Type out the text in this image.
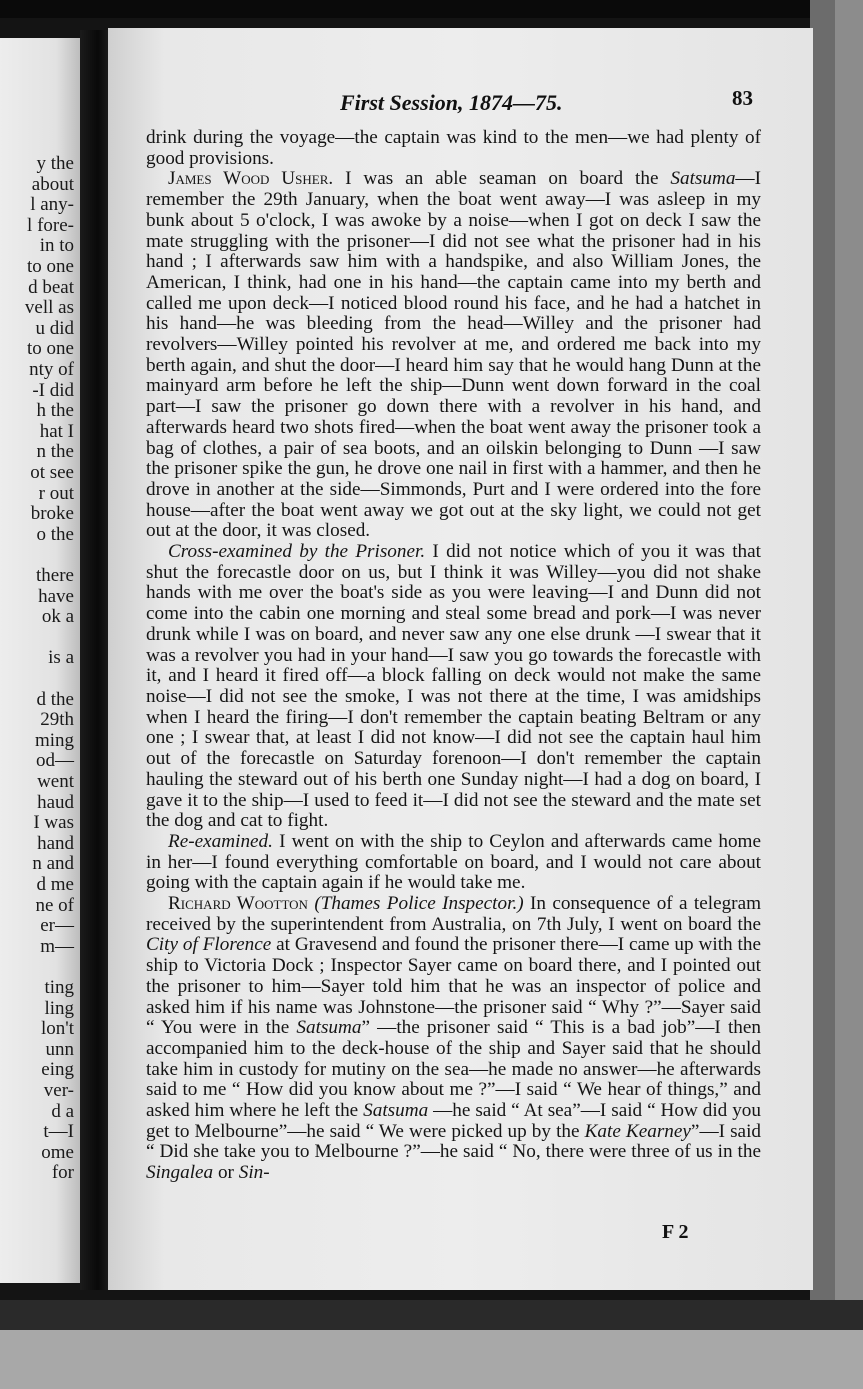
y the
about
l any-
l fore-
in to
to one
d beat
vell as
u did
to one
nty of
-I did
h the
hat I
n the
ot see
r out
broke
o the
there
have
ok a
is a
d the
29th
ming
od—
went
haud
I was
hand
n and
d me
ne of
er—
m—
ting
ling
lon't
unn
eing
ver-
d a
t—I
ome
for
First Session, 1874—75.	83

drink during the voyage—the captain was kind to the men—we had plenty of good provisions.

James Wood Usher. I was an able seaman on board the Satsuma—I remember the 29th January, when the boat went away—I was asleep in my bunk about 5 o'clock, I was awoke by a noise—when I got on deck I saw the mate struggling with the prisoner—I did not see what the prisoner had in his hand ; I afterwards saw him with a handspike, and also William Jones, the American, I think, had one in his hand—the captain came into my berth and called me upon deck—I noticed blood round his face, and he had a hatchet in his hand—he was bleeding from the head—Willey and the prisoner had revolvers—Willey pointed his revolver at me, and ordered me back into my berth again, and shut the door—I heard him say that he would hang Dunn at the mainyard arm before he left the ship—Dunn went down forward in the coal part—I saw the prisoner go down there with a revolver in his hand, and afterwards heard two shots fired—when the boat went away the prisoner took a bag of clothes, a pair of sea boots, and an oilskin belonging to Dunn —I saw the prisoner spike the gun, he drove one nail in first with a hammer, and then he drove in another at the side—Simmonds, Purt and I were ordered into the fore house—after the boat went away we got out at the sky light, we could not get out at the door, it was closed.

Cross-examined by the Prisoner. I did not notice which of you it was that shut the forecastle door on us, but I think it was Willey—you did not shake hands with me over the boat's side as you were leaving—I and Dunn did not come into the cabin one morning and steal some bread and pork—I was never drunk while I was on board, and never saw any one else drunk —I swear that it was a revolver you had in your hand—I saw you go towards the forecastle with it, and I heard it fired off—a block falling on deck would not make the same noise—I did not see the smoke, I was not there at the time, I was amidships when I heard the firing—I don't remember the captain beating Beltram or any one ; I swear that, at least I did not know—I did not see the captain haul him out of the forecastle on Saturday forenoon—I don't remember the captain hauling the steward out of his berth one Sunday night—I had a dog on board, I gave it to the ship—I used to feed it—I did not see the steward and the mate set the dog and cat to fight.

Re-examined. I went on with the ship to Ceylon and afterwards came home in her—I found everything comfortable on board, and I would not care about going with the captain again if he would take me.

Richard Wootton (Thames Police Inspector.) In consequence of a telegram received by the superintendent from Australia, on 7th July, I went on board the City of Florence at Gravesend and found the prisoner there—I came up with the ship to Victoria Dock ; Inspector Sayer came on board there, and I pointed out the prisoner to him—Sayer told him that he was an inspector of police and asked him if his name was Johnstone—the prisoner said “ Why ?”—Sayer said “ You were in the Satsuma” —the prisoner said “ This is a bad job”—I then accompanied him to the deck-house of the ship and Sayer said that he should take him in custody for mutiny on the sea—he made no answer—he afterwards said to me “ How did you know about me ?”—I said “ We hear of things,” and asked him where he left the Satsuma —he said “ At sea”—I said “ How did you get to Melbourne”—he said “ We were picked up by the Kate Kearney”—I said “ Did she take you to Melbourne ?”—he said “ No, there were three of us in the Singalea or Sin-

F 2
